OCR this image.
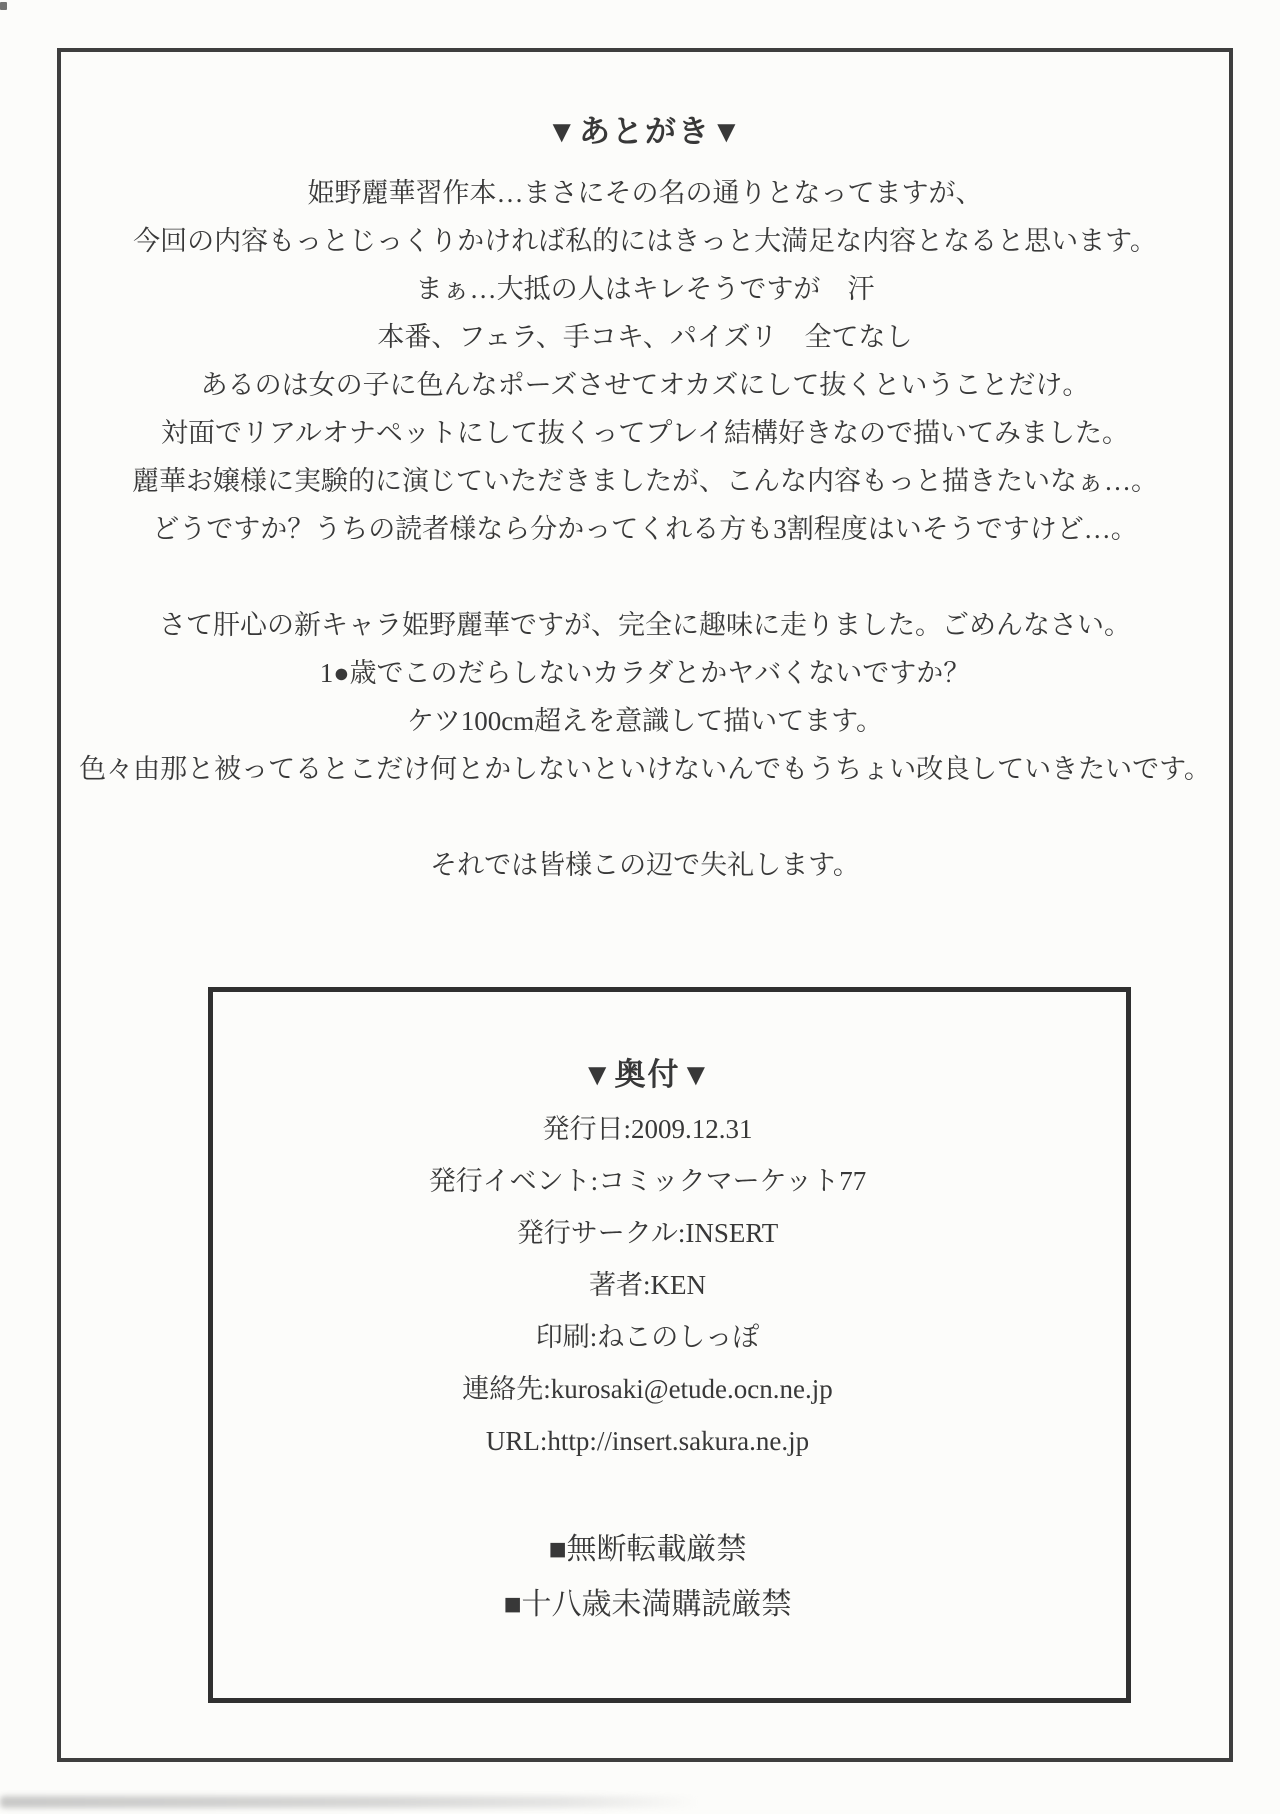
▼あとがき▼
姫野麗華習作本…まさにその名の通りとなってますが、
今回の内容もっとじっくりかければ私的にはきっと大満足な内容となると思います。
まぁ…大抵の人はキレそうですが　汗
本番、フェラ、手コキ、パイズリ　全てなし
あるのは女の子に色んなポーズさせてオカズにして抜くということだけ。
対面でリアルオナペットにして抜くってプレイ結構好きなので描いてみました。
麗華お嬢様に実験的に演じていただきましたが、こんな内容もっと描きたいなぁ…。
どうですか？うちの読者様なら分かってくれる方も3割程度はいそうですけど…。
さて肝心の新キャラ姫野麗華ですが、完全に趣味に走りました。ごめんなさい。
1●歳でこのだらしないカラダとかヤバくないですか？
ケツ100cm超えを意識して描いてます。
色々由那と被ってるとこだけ何とかしないといけないんでもうちょい改良していきたいです。
それでは皆様この辺で失礼します。
▼奥付▼
発行日:2009.12.31
発行イベント:コミックマーケット77
発行サークル:INSERT
著者:KEN
印刷:ねこのしっぽ
連絡先:kurosaki@etude.ocn.ne.jp
URL:http://insert.sakura.ne.jp
■無断転載厳禁
■十八歳未満購読厳禁
